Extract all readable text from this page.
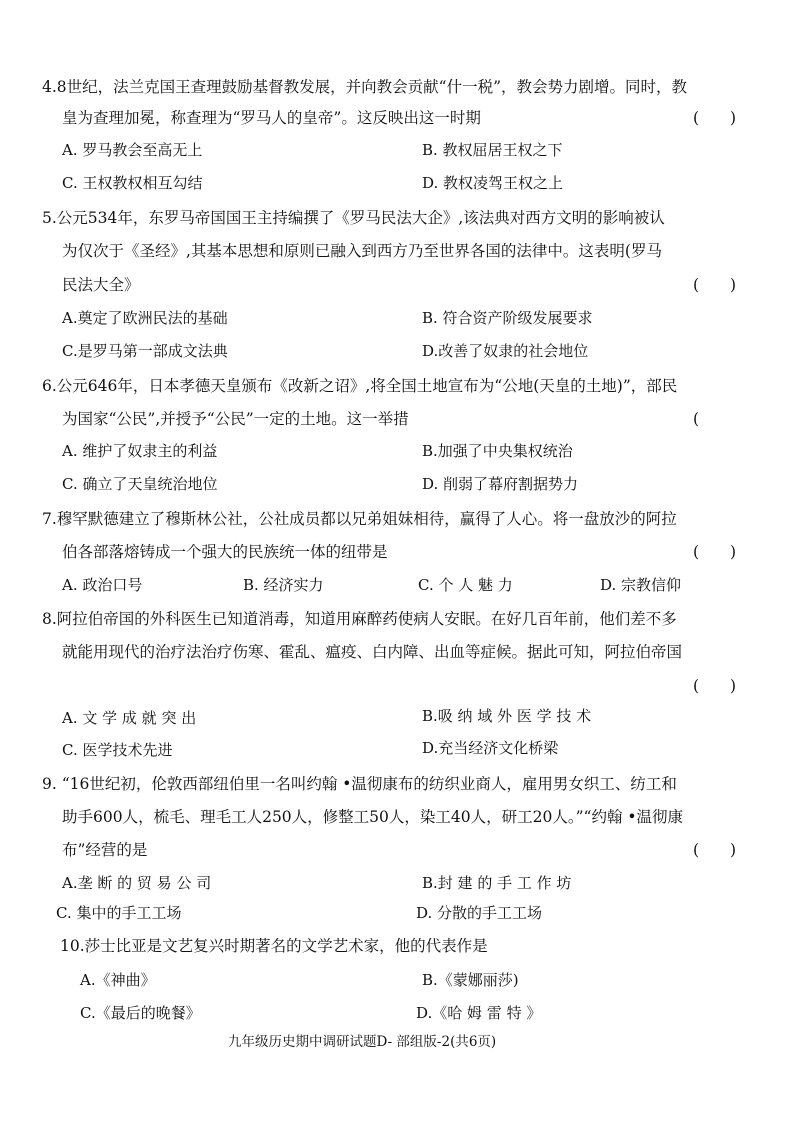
4.8世纪，法兰克国王查理鼓励基督教发展，并向教会贡献“什一税”，教会势力剧增。同时，教
皇为查理加冕，称查理为“罗马人的皇帝”。这反映出这一时期	(　　)
A. 罗马教会至高无上	B. 教权屈居王权之下
C. 王权教权相互勾结	D. 教权凌驾王权之上
5.公元534年，东罗马帝国国王主持编撰了《罗马民法大企》,该法典对西方文明的影响被认
为仅次于《圣经》,其基本思想和原则已融入到西方乃至世界各国的法律中。这表明(罗马
民法大全》	(　　)
A.奠定了欧洲民法的基础	B. 符合资产阶级发展要求
C.是罗马第一部成文法典	D.改善了奴隶的社会地位
6.公元646年，日本孝德天皇颁布《改新之诏》,将全国土地宣布为“公地(天皇的土地)”，部民
为国家“公民”,并授予“公民”一定的土地。这一举措	(
A. 维护了奴隶主的利益	B.加强了中央集权统治
C. 确立了天皇统治地位	D. 削弱了幕府割据势力
7.穆罕默德建立了穆斯林公社，公社成员都以兄弟姐妹相待，赢得了人心。将一盘放沙的阿拉
伯各部落熔铸成一个强大的民族统一体的纽带是	(　　)
A. 政治口号	B. 经济实力	C. 个 人 魅 力	D. 宗教信仰
8.阿拉伯帝国的外科医生已知道消毒，知道用麻醉药使病人安眠。在好几百年前，他们差不多
就能用现代的治疗法治疗伤寒、霍乱、瘟疫、白内障、出血等症候。据此可知，阿拉伯帝国
(　　)
A. 文 学 成 就 突 出	B.吸 纳 域 外 医 学 技 术
C. 医学技术先进	D.充当经济文化桥梁
9. “16世纪初，伦敦西部纽伯里一名叫约翰 •温彻康布的纺织业商人，雇用男女织工、纺工和
助手600人，梳毛、理毛工人250人，修整工50人，染工40人，研工20人。”“约翰 •温彻康
布”经营的是	(　　)
A.垄 断 的 贸 易 公 司	B.封 建 的 手 工 作 坊
C. 集中的手工工场	D. 分散的手工工场
10.莎士比亚是文艺复兴时期著名的文学艺术家，他的代表作是
A.《神曲》	B.《蒙娜丽莎)
C.《最后的晚餐》	D.《哈 姆 雷 特 》
九年级历史期中调研试题D- 部组版-2(共6页)
